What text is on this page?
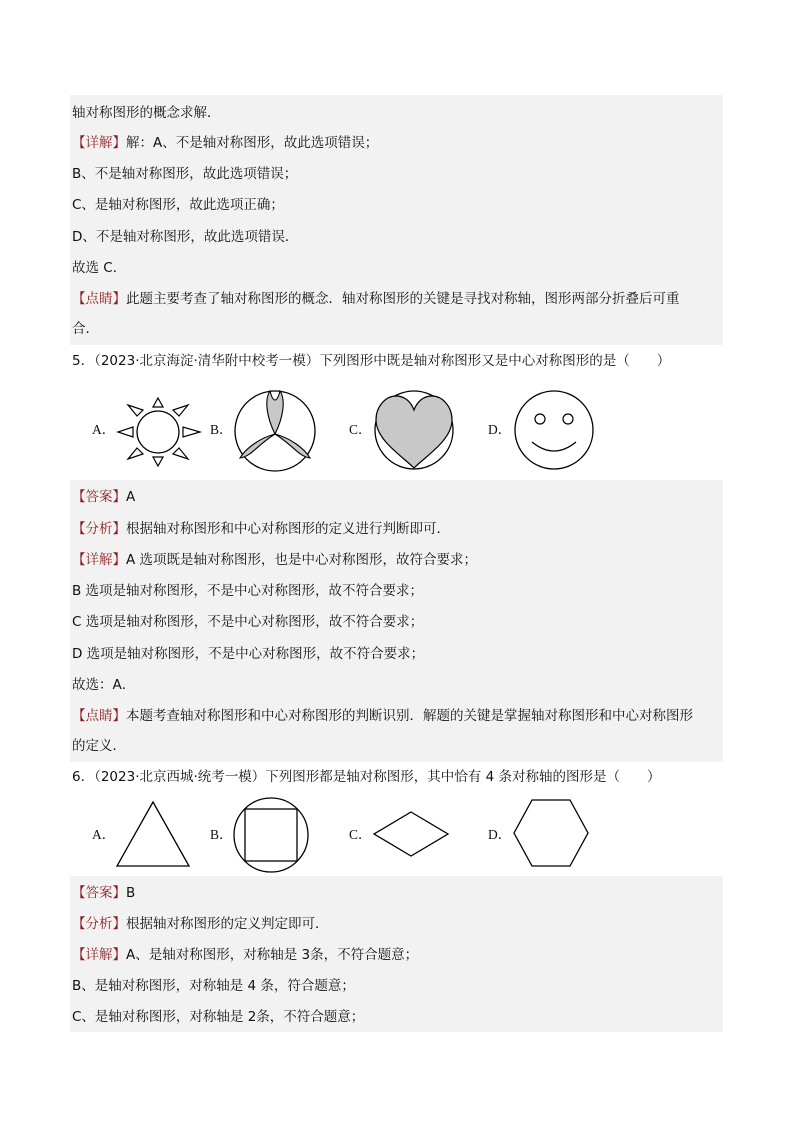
轴对称图形的概念求解．
【详解】解：A、不是轴对称图形，故此选项错误；
B、不是轴对称图形，故此选项错误；
C、是轴对称图形，故此选项正确；
D、不是轴对称图形，故此选项错误．
故选 C．
【点睛】此题主要考查了轴对称图形的概念．轴对称图形的关键是寻找对称轴，图形两部分折叠后可重
合．
5．（2023·北京海淀·清华附中校考一模）下列图形中既是轴对称图形又是中心对称图形的是（　　）
A．	B．	C．	D．
【答案】A
【分析】根据轴对称图形和中心对称图形的定义进行判断即可．
【详解】A 选项既是轴对称图形，也是中心对称图形，故符合要求；
B 选项是轴对称图形，不是中心对称图形，故不符合要求；
C 选项是轴对称图形，不是中心对称图形，故不符合要求；
D 选项是轴对称图形，不是中心对称图形，故不符合要求；
故选：A．
【点睛】本题考查轴对称图形和中心对称图形的判断识别．解题的关键是掌握轴对称图形和中心对称图形
的定义．
6．（2023·北京西城·统考一模）下列图形都是轴对称图形，其中恰有 4 条对称轴的图形是（　　）
A．	B．	C．	D．
【答案】B
【分析】根据轴对称图形的定义判定即可．
【详解】A、是轴对称图形，对称轴是 3条，不符合题意；
B、是轴对称图形，对称轴是 4 条，符合题意；
C、是轴对称图形，对称轴是 2条，不符合题意；
